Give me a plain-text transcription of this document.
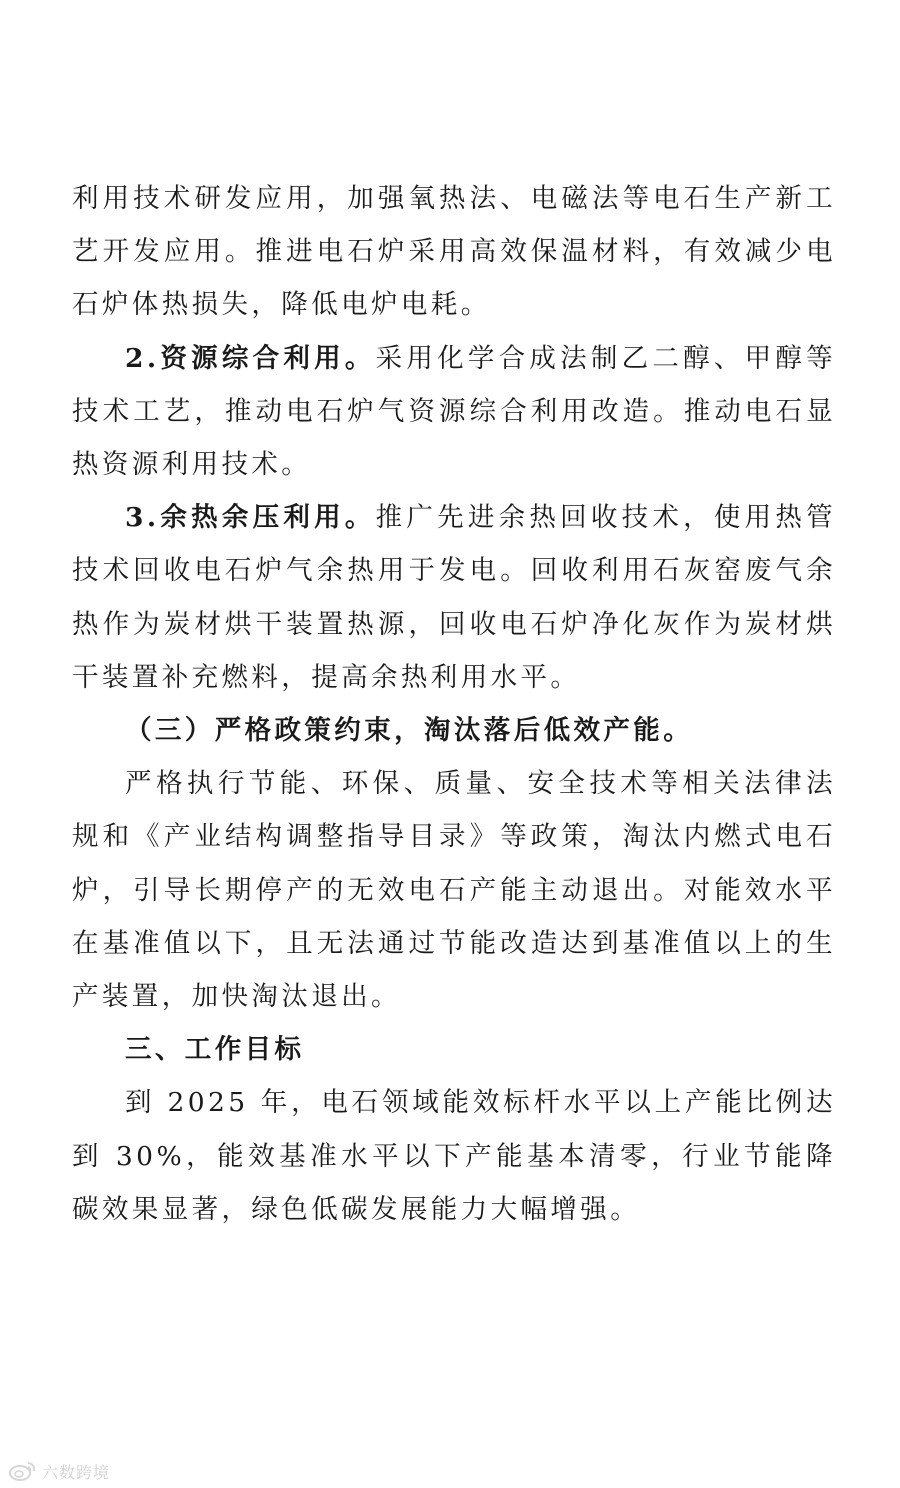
利用技术研发应用，加强氧热法、电磁法等电石生产新工艺开发应用。推进电石炉采用高效保温材料，有效减少电石炉体热损失，降低电炉电耗。

2.资源综合利用。采用化学合成法制乙二醇、甲醇等技术工艺，推动电石炉气资源综合利用改造。推动电石显热资源利用技术。

3.余热余压利用。推广先进余热回收技术，使用热管技术回收电石炉气余热用于发电。回收利用石灰窑废气余热作为炭材烘干装置热源，回收电石炉净化灰作为炭材烘干装置补充燃料，提高余热利用水平。

（三）严格政策约束，淘汰落后低效产能。

严格执行节能、环保、质量、安全技术等相关法律法规和《产业结构调整指导目录》等政策，淘汰内燃式电石炉，引导长期停产的无效电石产能主动退出。对能效水平在基准值以下，且无法通过节能改造达到基准值以上的生产装置，加快淘汰退出。

三、工作目标

到 2025 年，电石领域能效标杆水平以上产能比例达到 30%，能效基准水平以下产能基本清零，行业节能降碳效果显著，绿色低碳发展能力大幅增强。

六数跨境
